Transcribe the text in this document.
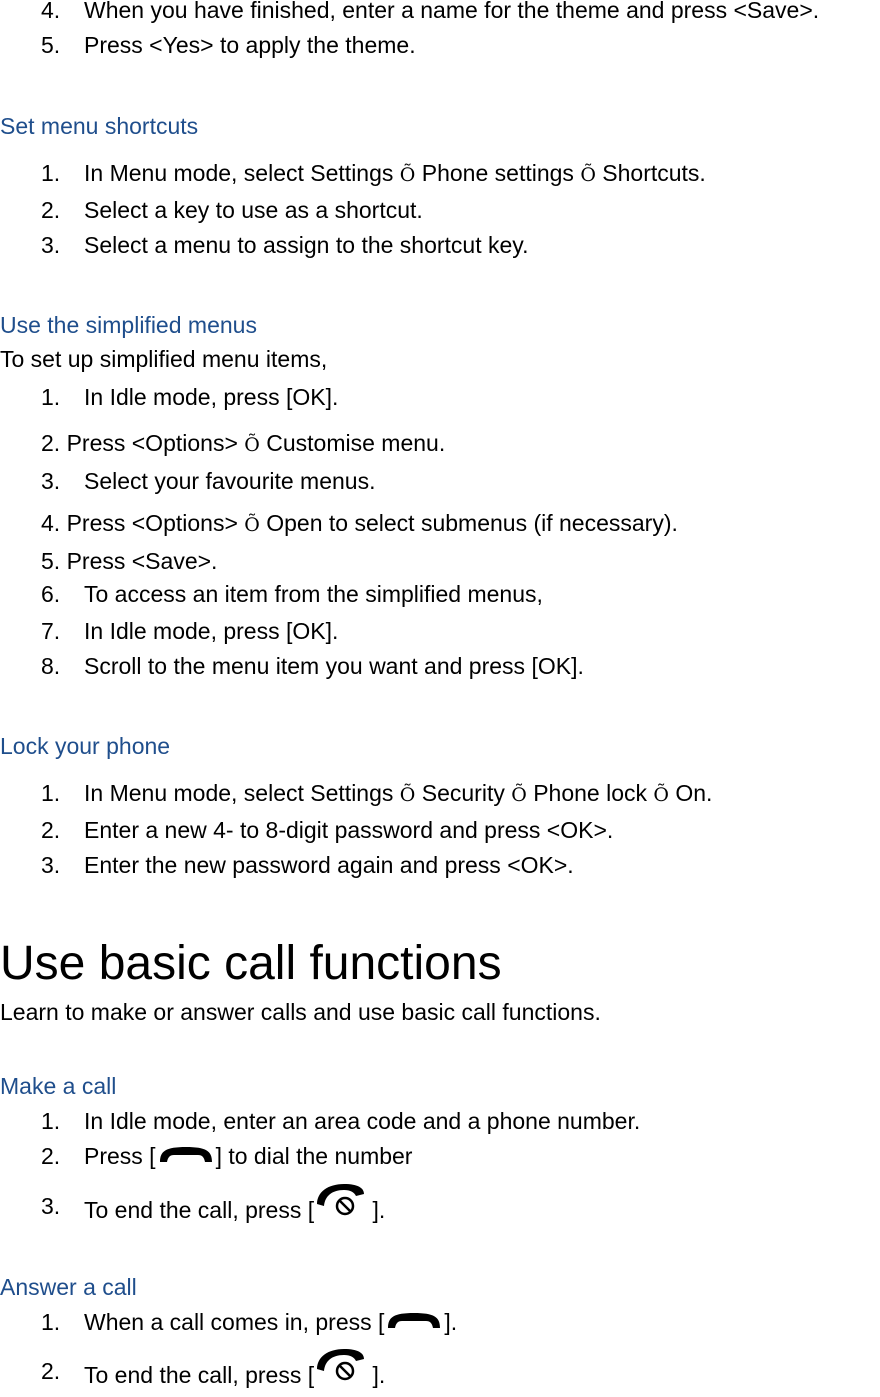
4. When you have finished, enter a name for the theme and press <Save>.
5. Press <Yes> to apply the theme.
Set menu shortcuts
1. In Menu mode, select Settings Õ Phone settings Õ Shortcuts.
2. Select a key to use as a shortcut.
3. Select a menu to assign to the shortcut key.
Use the simplified menus
To set up simplified menu items,
1. In Idle mode, press [OK].
2. Press <Options> Õ Customise menu.
3. Select your favourite menus.
4. Press <Options> Õ Open to select submenus (if necessary).
5. Press <Save>.
6. To access an item from the simplified menus,
7. In Idle mode, press [OK].
8. Scroll to the menu item you want and press [OK].
Lock your phone
1. In Menu mode, select Settings Õ Security Õ Phone lock Õ On.
2. Enter a new 4- to 8-digit password and press <OK>.
3. Enter the new password again and press <OK>.
Use basic call functions
Learn to make or answer calls and use basic call functions.
Make a call
1. In Idle mode, enter an area code and a phone number.
2. Press [	] to dial the number
3. To end the call, press [
].
Answer a call
1. When a call comes in, press [	].
2. To end the call, press [
].
